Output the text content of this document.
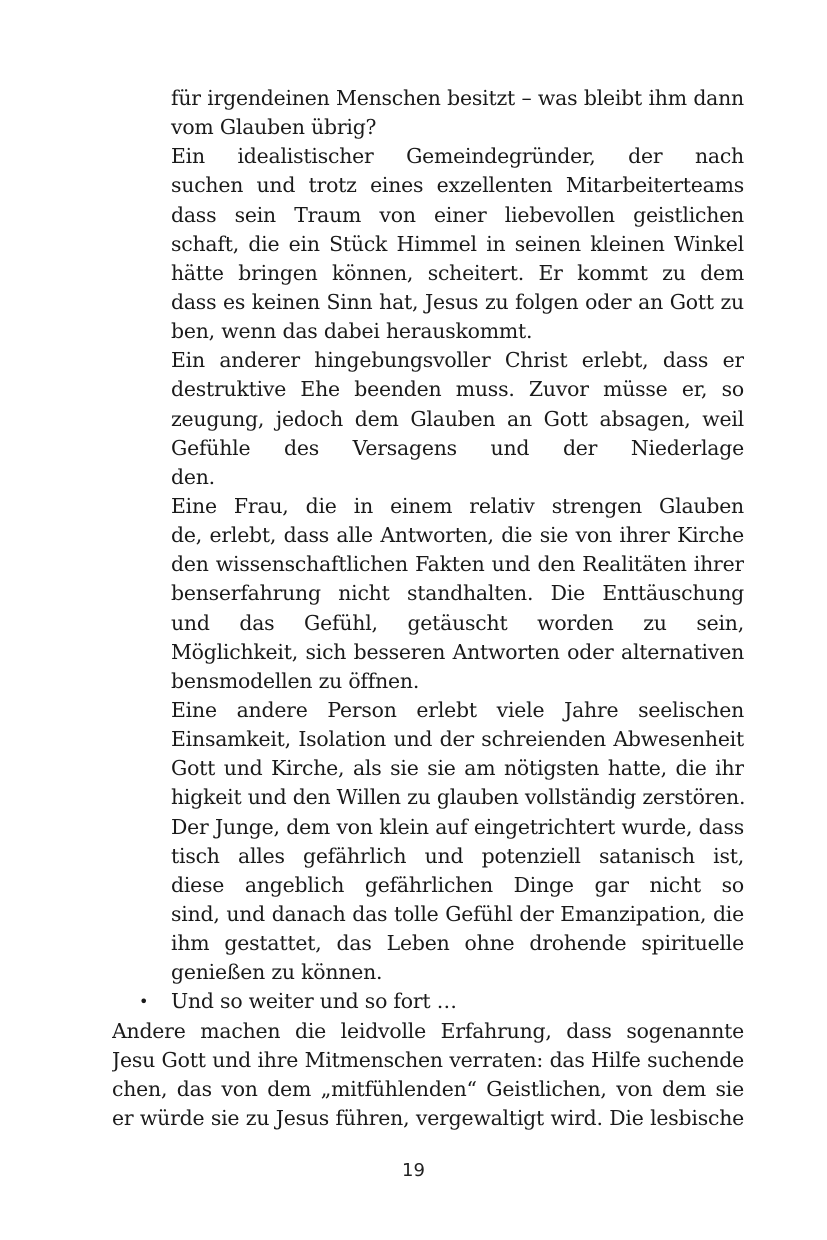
für irgendeinen Menschen besitzt – was bleibt ihm dann
vom Glauben übrig?
Ein idealistischer Gemeindegründer, der nach
suchen und trotz eines exzellenten Mitarbeiterteams
dass sein Traum von einer liebevollen geistlichen
schaft, die ein Stück Himmel in seinen kleinen Winkel
hätte bringen können, scheitert. Er kommt zu dem
dass es keinen Sinn hat, Jesus zu folgen oder an Gott zu
ben, wenn das dabei herauskommt.
Ein anderer hingebungsvoller Christ erlebt, dass er
destruktive Ehe beenden muss. Zuvor müsse er, so
zeugung, jedoch dem Glauben an Gott absagen, weil
Gefühle des Versagens und der Niederlage
den.
Eine Frau, die in einem relativ strengen Glauben
de, erlebt, dass alle Antworten, die sie von ihrer Kirche
den wissenschaftlichen Fakten und den Realitäten ihrer
benserfahrung nicht standhalten. Die Enttäuschung
und das Gefühl, getäuscht worden zu sein,
Möglichkeit, sich besseren Antworten oder alternativen
bensmodellen zu öffnen.
Eine andere Person erlebt viele Jahre seelischen
Einsamkeit, Isolation und der schreienden Abwesenheit
Gott und Kirche, als sie sie am nötigsten hatte, die ihr
higkeit und den Willen zu glauben vollständig zerstören.
Der Junge, dem von klein auf eingetrichtert wurde, dass
tisch alles gefährlich und potenziell satanisch ist,
diese angeblich gefährlichen Dinge gar nicht so
sind, und danach das tolle Gefühl der Emanzipation, die
ihm gestattet, das Leben ohne drohende spirituelle
genießen zu können.
• Und so weiter und so fort …
Andere machen die leidvolle Erfahrung, dass sogenannte
Jesu Gott und ihre Mitmenschen verraten: das Hilfe suchende
chen, das von dem „mitfühlenden“ Geistlichen, von dem sie
er würde sie zu Jesus führen, vergewaltigt wird. Die lesbische
19
